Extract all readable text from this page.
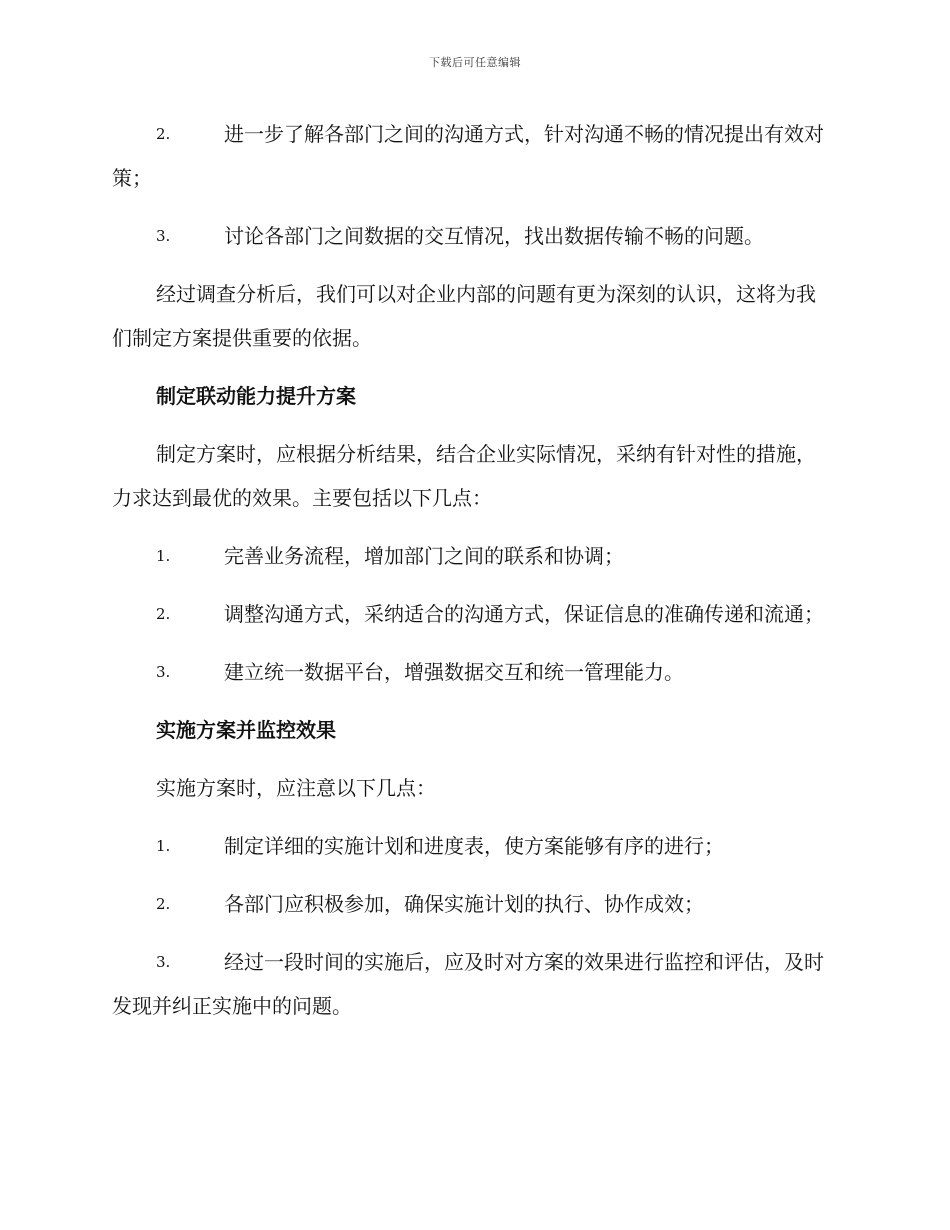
下载后可任意编辑
2.	进一步了解各部门之间的沟通方式，针对沟通不畅的情况提出有效对策；
3.	讨论各部门之间数据的交互情况，找出数据传输不畅的问题。

经过调查分析后，我们可以对企业内部的问题有更为深刻的认识，这将为我们制定方案提供重要的依据。

制定联动能力提升方案

制定方案时，应根据分析结果，结合企业实际情况，采纳有针对性的措施，力求达到最优的效果。主要包括以下几点：

1.	完善业务流程，增加部门之间的联系和协调；
2.	调整沟通方式，采纳适合的沟通方式，保证信息的准确传递和流通；
3.	建立统一数据平台，增强数据交互和统一管理能力。
实施方案并监控效果

实施方案时，应注意以下几点：

1.	制定详细的实施计划和进度表，使方案能够有序的进行；
2.	各部门应积极参加，确保实施计划的执行、协作成效；
3.	经过一段时间的实施后，应及时对方案的效果进行监控和评估，及时发现并纠正实施中的问题。
